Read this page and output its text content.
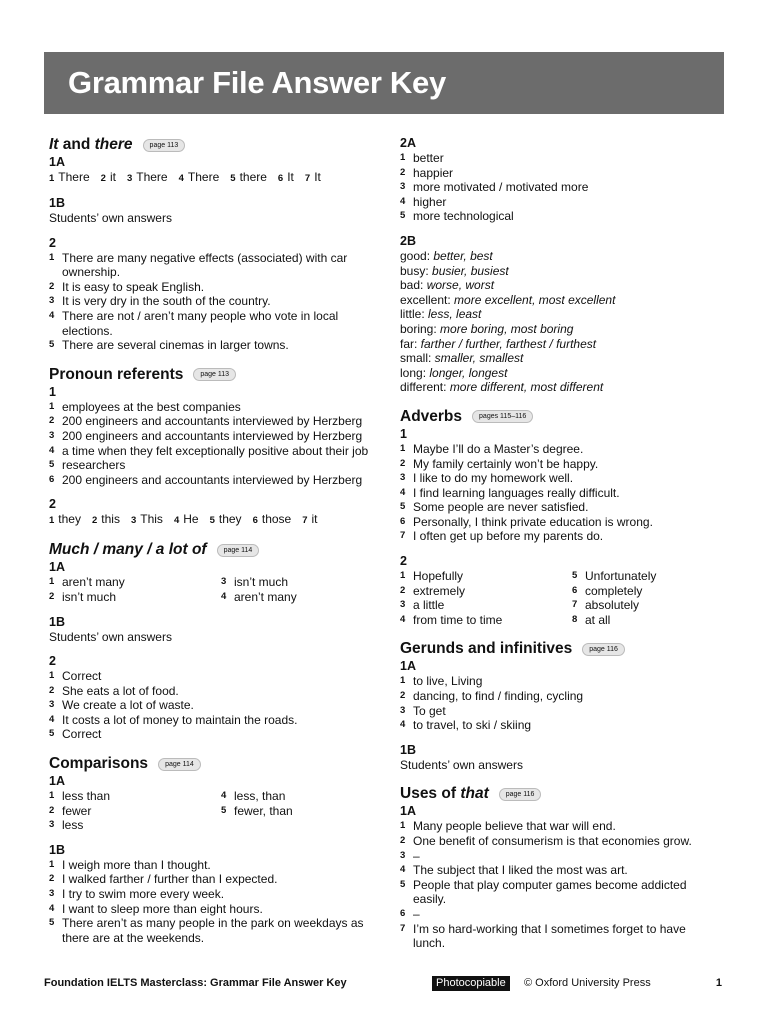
Grammar File Answer Key
It and there	page 113
1A
1 There 2 it 3 There 4 There 5 there 6 It 7 It
1B

Students’ own answers

2
1 There are many negative effects (associated) with car ownership.
2 It is easy to speak English.
3 It is very dry in the south of the country.
4 There are not / aren’t many people who vote in local elections.
5 There are several cinemas in larger towns.
Pronoun referents	page 113
1
1 employees at the best companies
2 200 engineers and accountants interviewed by Herzberg
3 200 engineers and accountants interviewed by Herzberg
4 a time when they felt exceptionally positive about their job
5 researchers
6 200 engineers and accountants interviewed by Herzberg
2
1 they 2 this 3 This 4 He 5 they 6 those 7 it
Much / many / a lot of	page 114
1A
1 aren’t many
2 isn’t much
3 isn’t much
4 aren’t many
1B

Students’ own answers

2
1 Correct
2 She eats a lot of food.
3 We create a lot of waste.
4 It costs a lot of money to maintain the roads.
5 Correct
Comparisons	page 114
1A
1 less than
2 fewer
3 less
4 less, than
5 fewer, than
1B
1 I weigh more than I thought.
2 I walked farther / further than I expected.
3 I try to swim more every week.
4 I want to sleep more than eight hours.
5 There aren’t as many people in the park on weekdays as there are at the weekends.
2A
1 better
2 happier
3 more motivated / motivated more
4 higher
5 more technological
2B

good: better, best

busy: busier, busiest

bad: worse, worst

excellent: more excellent, most excellent

little: less, least

boring: more boring, most boring

far: farther / further, farthest / furthest

small: smaller, smallest

long: longer, longest

different: more different, most different

Adverbs	pages 115–116
1
1 Maybe I’ll do a Master’s degree.
2 My family certainly won’t be happy.
3 I like to do my homework well.
4 I find learning languages really difficult.
5 Some people are never satisfied.
6 Personally, I think private education is wrong.
7 I often get up before my parents do.
2
1 Hopefully
2 extremely
3 a little
4 from time to time
5 Unfortunately
6 completely
7 absolutely
8 at all
Gerunds and infinitives	page 116
1A
1 to live, Living
2 dancing, to find / finding, cycling
3 To get
4 to travel, to ski / skiing
1B

Students’ own answers

Uses of that	page 116
1A
1 Many people believe that war will end.
2 One benefit of consumerism is that economies grow.
3 –
4 The subject that I liked the most was art.
5 People that play computer games become addicted easily.
6 –
7 I’m so hard-working that I sometimes forget to have lunch.
Foundation IELTS Masterclass: Grammar File Answer Key	Photocopiable	© Oxford University Press	1
